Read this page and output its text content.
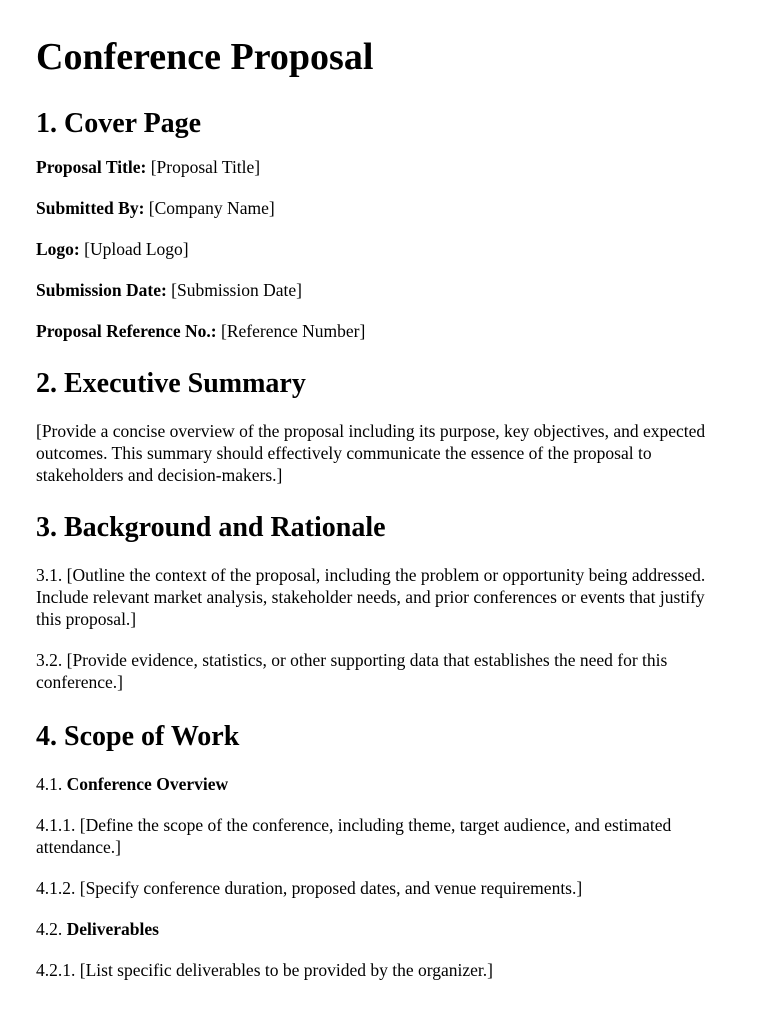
Conference Proposal
1. Cover Page

Proposal Title: [Proposal Title]

Submitted By: [Company Name]

Logo: [Upload Logo]

Submission Date: [Submission Date]

Proposal Reference No.: [Reference Number]

2. Executive Summary

[Provide a concise overview of the proposal including its purpose, key objectives, and expected outcomes. This summary should effectively communicate the essence of the proposal to stakeholders and decision-makers.]

3. Background and Rationale

3.1. [Outline the context of the proposal, including the problem or opportunity being addressed. Include relevant market analysis, stakeholder needs, and prior conferences or events that justify this proposal.]

3.2. [Provide evidence, statistics, or other supporting data that establishes the need for this conference.]

4. Scope of Work

4.1. Conference Overview

4.1.1. [Define the scope of the conference, including theme, target audience, and estimated attendance.]

4.1.2. [Specify conference duration, proposed dates, and venue requirements.]

4.2. Deliverables

4.2.1. [List specific deliverables to be provided by the organizer.]
